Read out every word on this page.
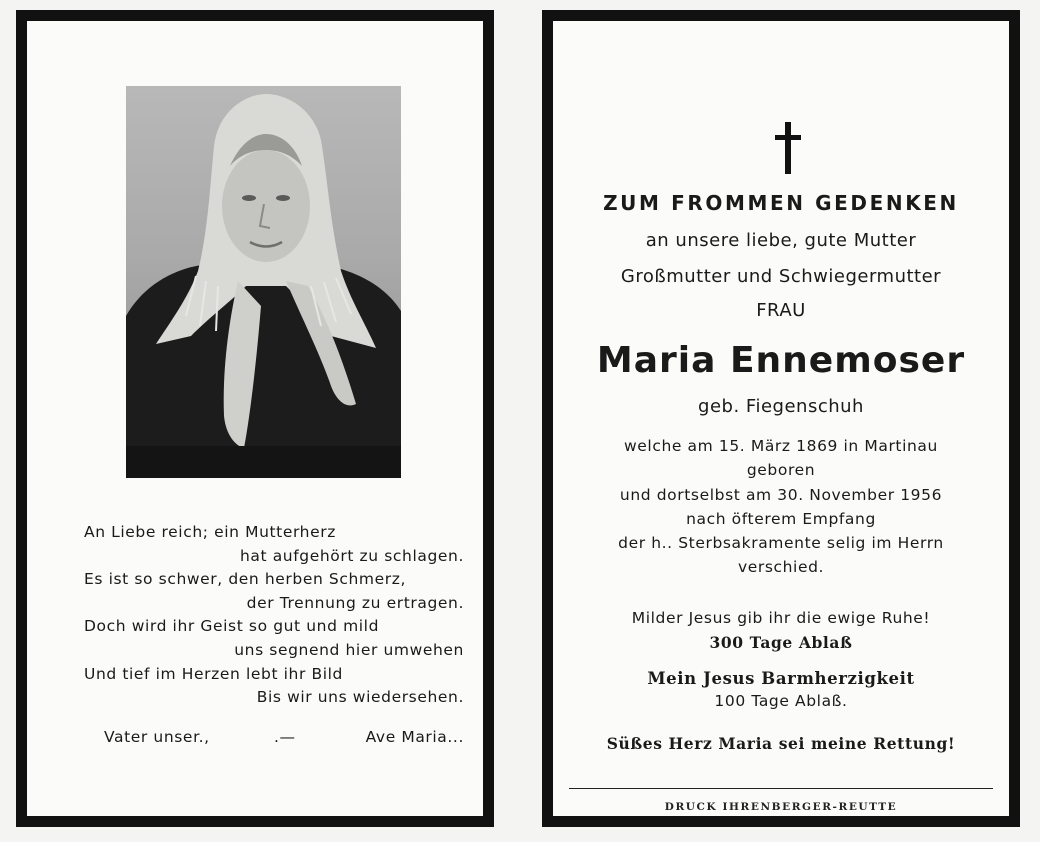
An Liebe reich; ein Mutterherz
hat aufgehört zu schlagen.
Es ist so schwer, den herben Schmerz,
der Trennung zu ertragen.
Doch wird ihr Geist so gut und mild
uns segnend hier umwehen
Und tief im Herzen lebt ihr Bild
Bis wir uns wiedersehen.
Vater unser.,	.—	Ave Maria...
ZUM FROMMEN GEDENKEN
an unsere liebe, gute Mutter
Großmutter und Schwiegermutter
FRAU
Maria Ennemoser
geb. Fiegenschuh
welche am 15. März 1869 in Martinau
geboren
und dortselbst am 30. November 1956
nach öfterem Empfang
der h.. Sterbsakramente selig im Herrn
verschied.
Milder Jesus gib ihr die ewige Ruhe!
300 Tage Ablaß
Mein Jesus Barmherzigkeit
100 Tage Ablaß.
Süßes Herz Maria sei meine Rettung!
DRUCK IHRENBERGER-REUTTE
